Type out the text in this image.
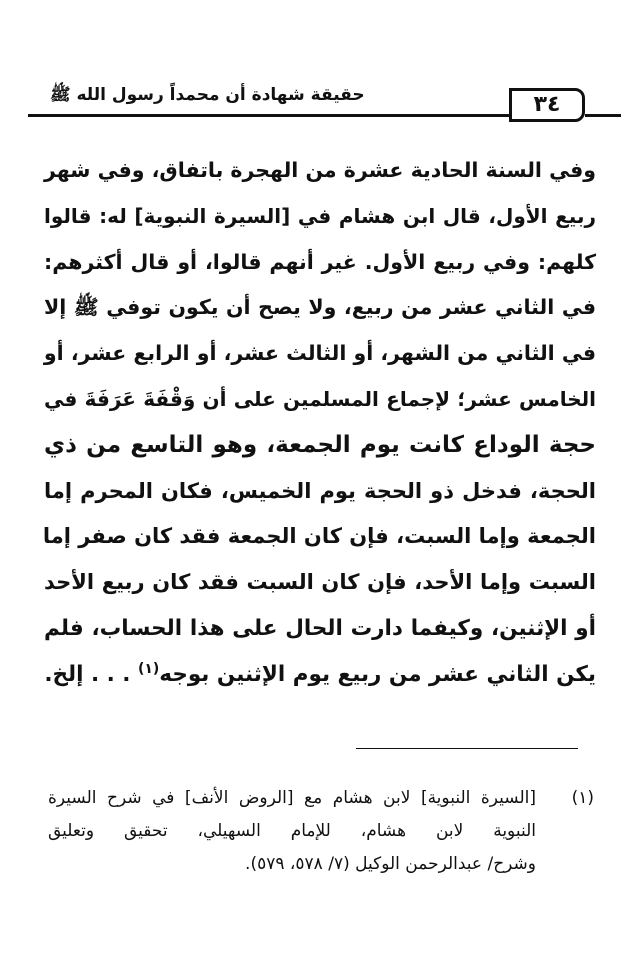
حقيقة شهادة أن محمداً رسول الله ﷺ	٣٤
وفي السنة الحادية عشرة من الهجرة باتفاق، وفي شهر
ربيع الأول، قال ابن هشام في [السيرة النبوية] له: قالوا
كلهم: وفي ربيع الأول. غير أنهم قالوا، أو قال أكثرهم:
في الثاني عشر من ربيع، ولا يصح أن يكون توفي ﷺ إلا
في الثاني من الشهر، أو الثالث عشر، أو الرابع عشر، أو
الخامس عشر؛ لإجماع المسلمين على أن وَقْفَةَ عَرَفَةَ في
حجة الوداع كانت يوم الجمعة، وهو التاسع من ذي
الحجة، فدخل ذو الحجة يوم الخميس، فكان المحرم إما
الجمعة وإما السبت، فإن كان الجمعة فقد كان صفر إما
السبت وإما الأحد، فإن كان السبت فقد كان ربيع الأحد
أو الإثنين، وكيفما دارت الحال على هذا الحساب، فلم
يكن الثاني عشر من ربيع يوم الإثنين بوجه$^{(١)}$ . . . إلخ.
(١)
[السيرة النبوية] لابن هشام مع [الروض الأنف] في شرح السيرة
النبوية لابن هشام، للإمام السهيلي، تحقيق وتعليق
وشرح/ عبدالرحمن الوكيل (٧/ ٥٧٨، ٥٧٩).
